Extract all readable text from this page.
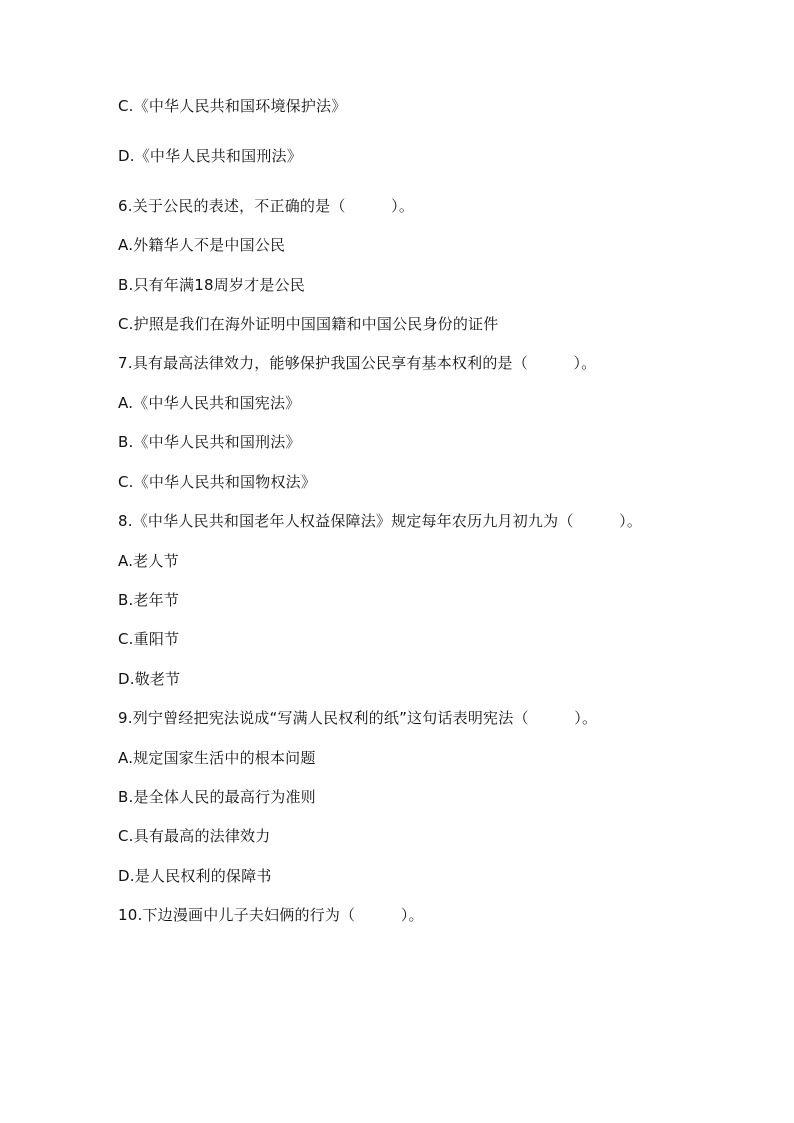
C.《中华人民共和国环境保护法》
D.《中华人民共和国刑法》
6.关于公民的表述，不正确的是（　　　）。
A.外籍华人不是中国公民
B.只有年满18周岁才是公民
C.护照是我们在海外证明中国国籍和中国公民身份的证件
7.具有最高法律效力，能够保护我国公民享有基本权利的是（　　　）。
A.《中华人民共和国宪法》
B.《中华人民共和国刑法》
C.《中华人民共和国物权法》
8.《中华人民共和国老年人权益保障法》规定每年农历九月初九为（　　　）。
A.老人节
B.老年节
C.重阳节
D.敬老节
9.列宁曾经把宪法说成“写满人民权利的纸”这句话表明宪法（　　　）。
A.规定国家生活中的根本问题
B.是全体人民的最高行为准则
C.具有最高的法律效力
D.是人民权利的保障书
10.下边漫画中儿子夫妇俩的行为（　　　）。
